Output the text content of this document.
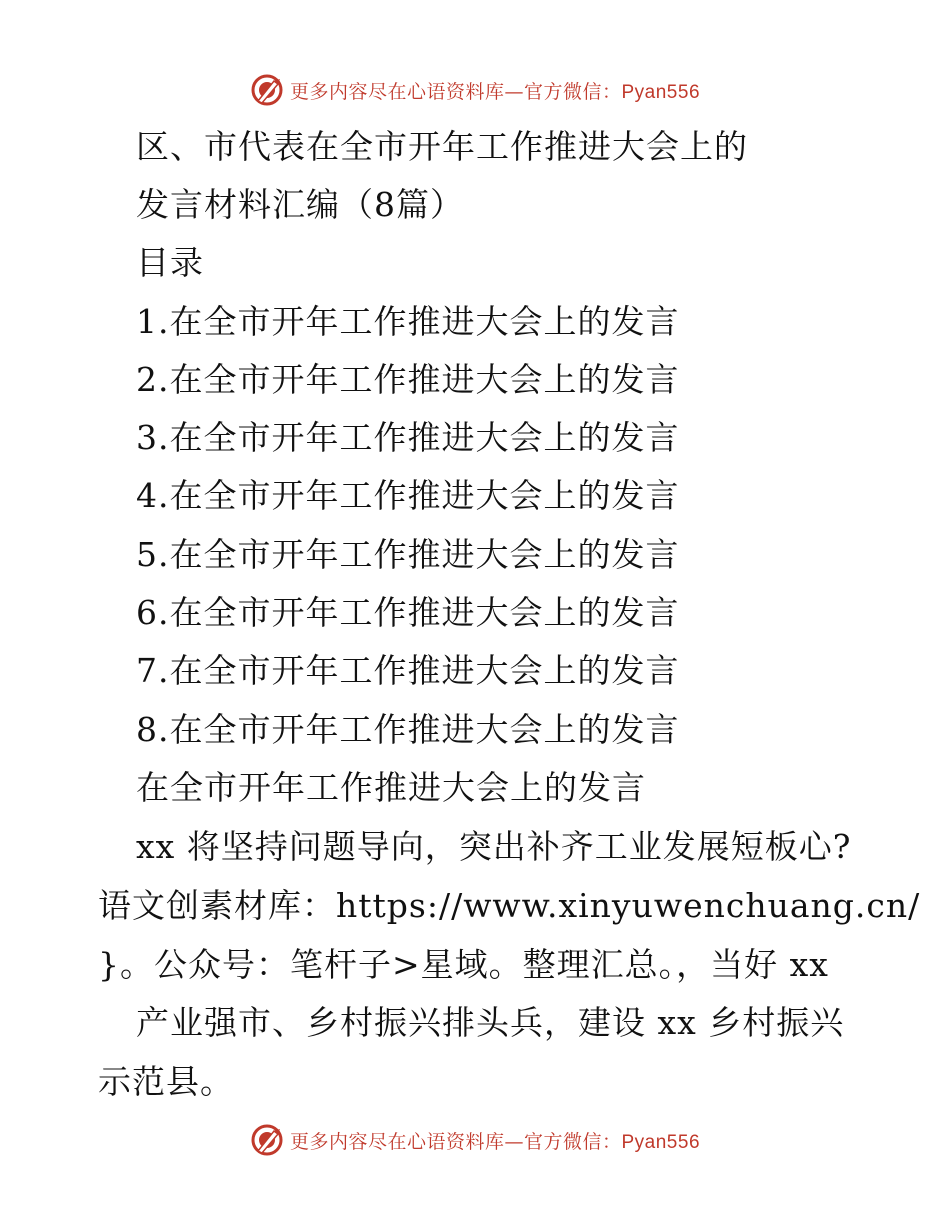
更多内容尽在心语资料库—官方微信：Pyan556
区、市代表在全市开年工作推进大会上的
发言材料汇编（8篇）
目录
1.在全市开年工作推进大会上的发言
2.在全市开年工作推进大会上的发言
3.在全市开年工作推进大会上的发言
4.在全市开年工作推进大会上的发言
5.在全市开年工作推进大会上的发言
6.在全市开年工作推进大会上的发言
7.在全市开年工作推进大会上的发言
8.在全市开年工作推进大会上的发言
在全市开年工作推进大会上的发言
xx 将坚持问题导向，突出补齐工业发展短板心?
语文创素材库：https://www.xinyuwenchuang.cn/
}。公众号：笔杆子>星域。整理汇总。，当好 xx
产业强市、乡村振兴排头兵，建设 xx 乡村振兴
示范县。
更多内容尽在心语资料库—官方微信：Pyan556
